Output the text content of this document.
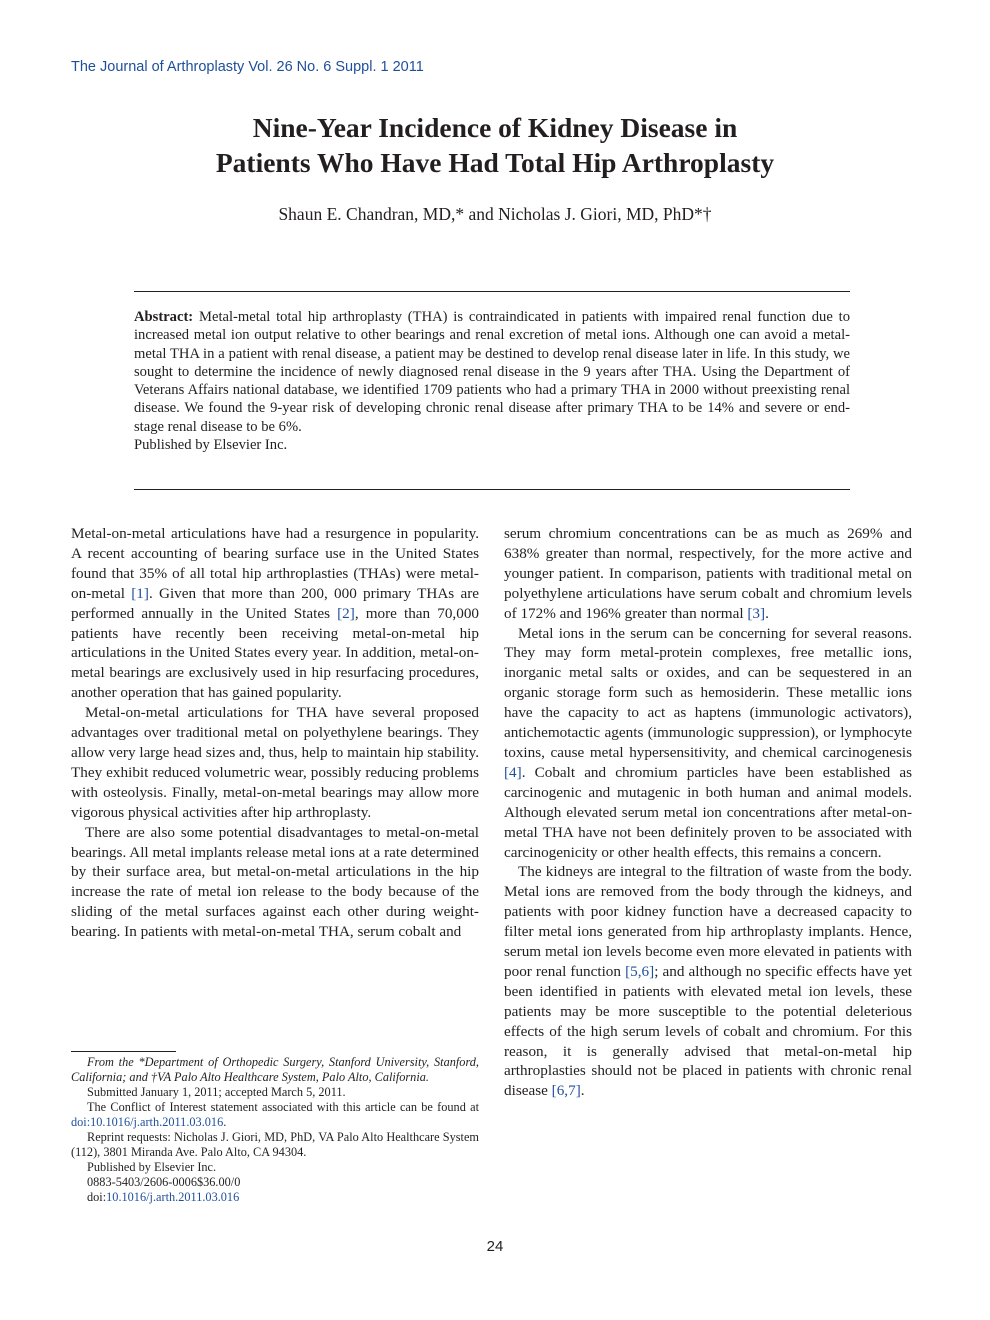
The Journal of Arthroplasty Vol. 26 No. 6 Suppl. 1 2011
Nine-Year Incidence of Kidney Disease in
Patients Who Have Had Total Hip Arthroplasty
Shaun E. Chandran, MD,* and Nicholas J. Giori, MD, PhD*†
Abstract: Metal-metal total hip arthroplasty (THA) is contraindicated in patients with impaired renal function due to increased metal ion output relative to other bearings and renal excretion of metal ions. Although one can avoid a metal-metal THA in a patient with renal disease, a patient may be destined to develop renal disease later in life. In this study, we sought to determine the incidence of newly diagnosed renal disease in the 9 years after THA. Using the Department of Veterans Affairs national database, we identified 1709 patients who had a primary THA in 2000 without preexisting renal disease. We found the 9-year risk of developing chronic renal disease after primary THA to be 14% and severe or end-stage renal disease to be 6%.
Published by Elsevier Inc.

Metal-on-metal articulations have had a resurgence in popularity. A recent accounting of bearing surface use in the United States found that 35% of all total hip arthroplasties (THAs) were metal-on-metal [1]. Given that more than 200, 000 primary THAs are performed annually in the United States [2], more than 70,000 patients have recently been receiving metal-on-metal hip articulations in the United States every year. In addition, metal-on-metal bearings are exclusively used in hip resurfacing procedures, another operation that has gained popularity.

Metal-on-metal articulations for THA have several proposed advantages over traditional metal on polyethylene bearings. They allow very large head sizes and, thus, help to maintain hip stability. They exhibit reduced volumetric wear, possibly reducing problems with osteolysis. Finally, metal-on-metal bearings may allow more vigorous physical activities after hip arthroplasty.

There are also some potential disadvantages to metal-on-metal bearings. All metal implants release metal ions at a rate determined by their surface area, but metal-on-metal articulations in the hip increase the rate of metal ion release to the body because of the sliding of the metal surfaces against each other during weight-bearing. In patients with metal-on-metal THA, serum cobalt and

serum chromium concentrations can be as much as 269% and 638% greater than normal, respectively, for the more active and younger patient. In comparison, patients with traditional metal on polyethylene articulations have serum cobalt and chromium levels of 172% and 196% greater than normal [3].

Metal ions in the serum can be concerning for several reasons. They may form metal-protein complexes, free metallic ions, inorganic metal salts or oxides, and can be sequestered in an organic storage form such as hemosiderin. These metallic ions have the capacity to act as haptens (immunologic activators), antichemotactic agents (immunologic suppression), or lymphocyte toxins, cause metal hypersensitivity, and chemical carcinogenesis [4]. Cobalt and chromium particles have been established as carcinogenic and mutagenic in both human and animal models. Although elevated serum metal ion concentrations after metal-on-metal THA have not been definitely proven to be associated with carcinogenicity or other health effects, this remains a concern.

The kidneys are integral to the filtration of waste from the body. Metal ions are removed from the body through the kidneys, and patients with poor kidney function have a decreased capacity to filter metal ions generated from hip arthroplasty implants. Hence, serum metal ion levels become even more elevated in patients with poor renal function [5,6]; and although no specific effects have yet been identified in patients with elevated metal ion levels, these patients may be more susceptible to the potential deleterious effects of the high serum levels of cobalt and chromium. For this reason, it is generally advised that metal-on-metal hip arthroplasties should not be placed in patients with chronic renal disease [6,7].

From the *Department of Orthopedic Surgery, Stanford University, Stanford, California; and †VA Palo Alto Healthcare System, Palo Alto, California.

Submitted January 1, 2011; accepted March 5, 2011.

The Conflict of Interest statement associated with this article can be found at doi:10.1016/j.arth.2011.03.016.

Reprint requests: Nicholas J. Giori, MD, PhD, VA Palo Alto Healthcare System (112), 3801 Miranda Ave. Palo Alto, CA 94304.

Published by Elsevier Inc.

0883-5403/2606-0006$36.00/0

doi:10.1016/j.arth.2011.03.016

24
